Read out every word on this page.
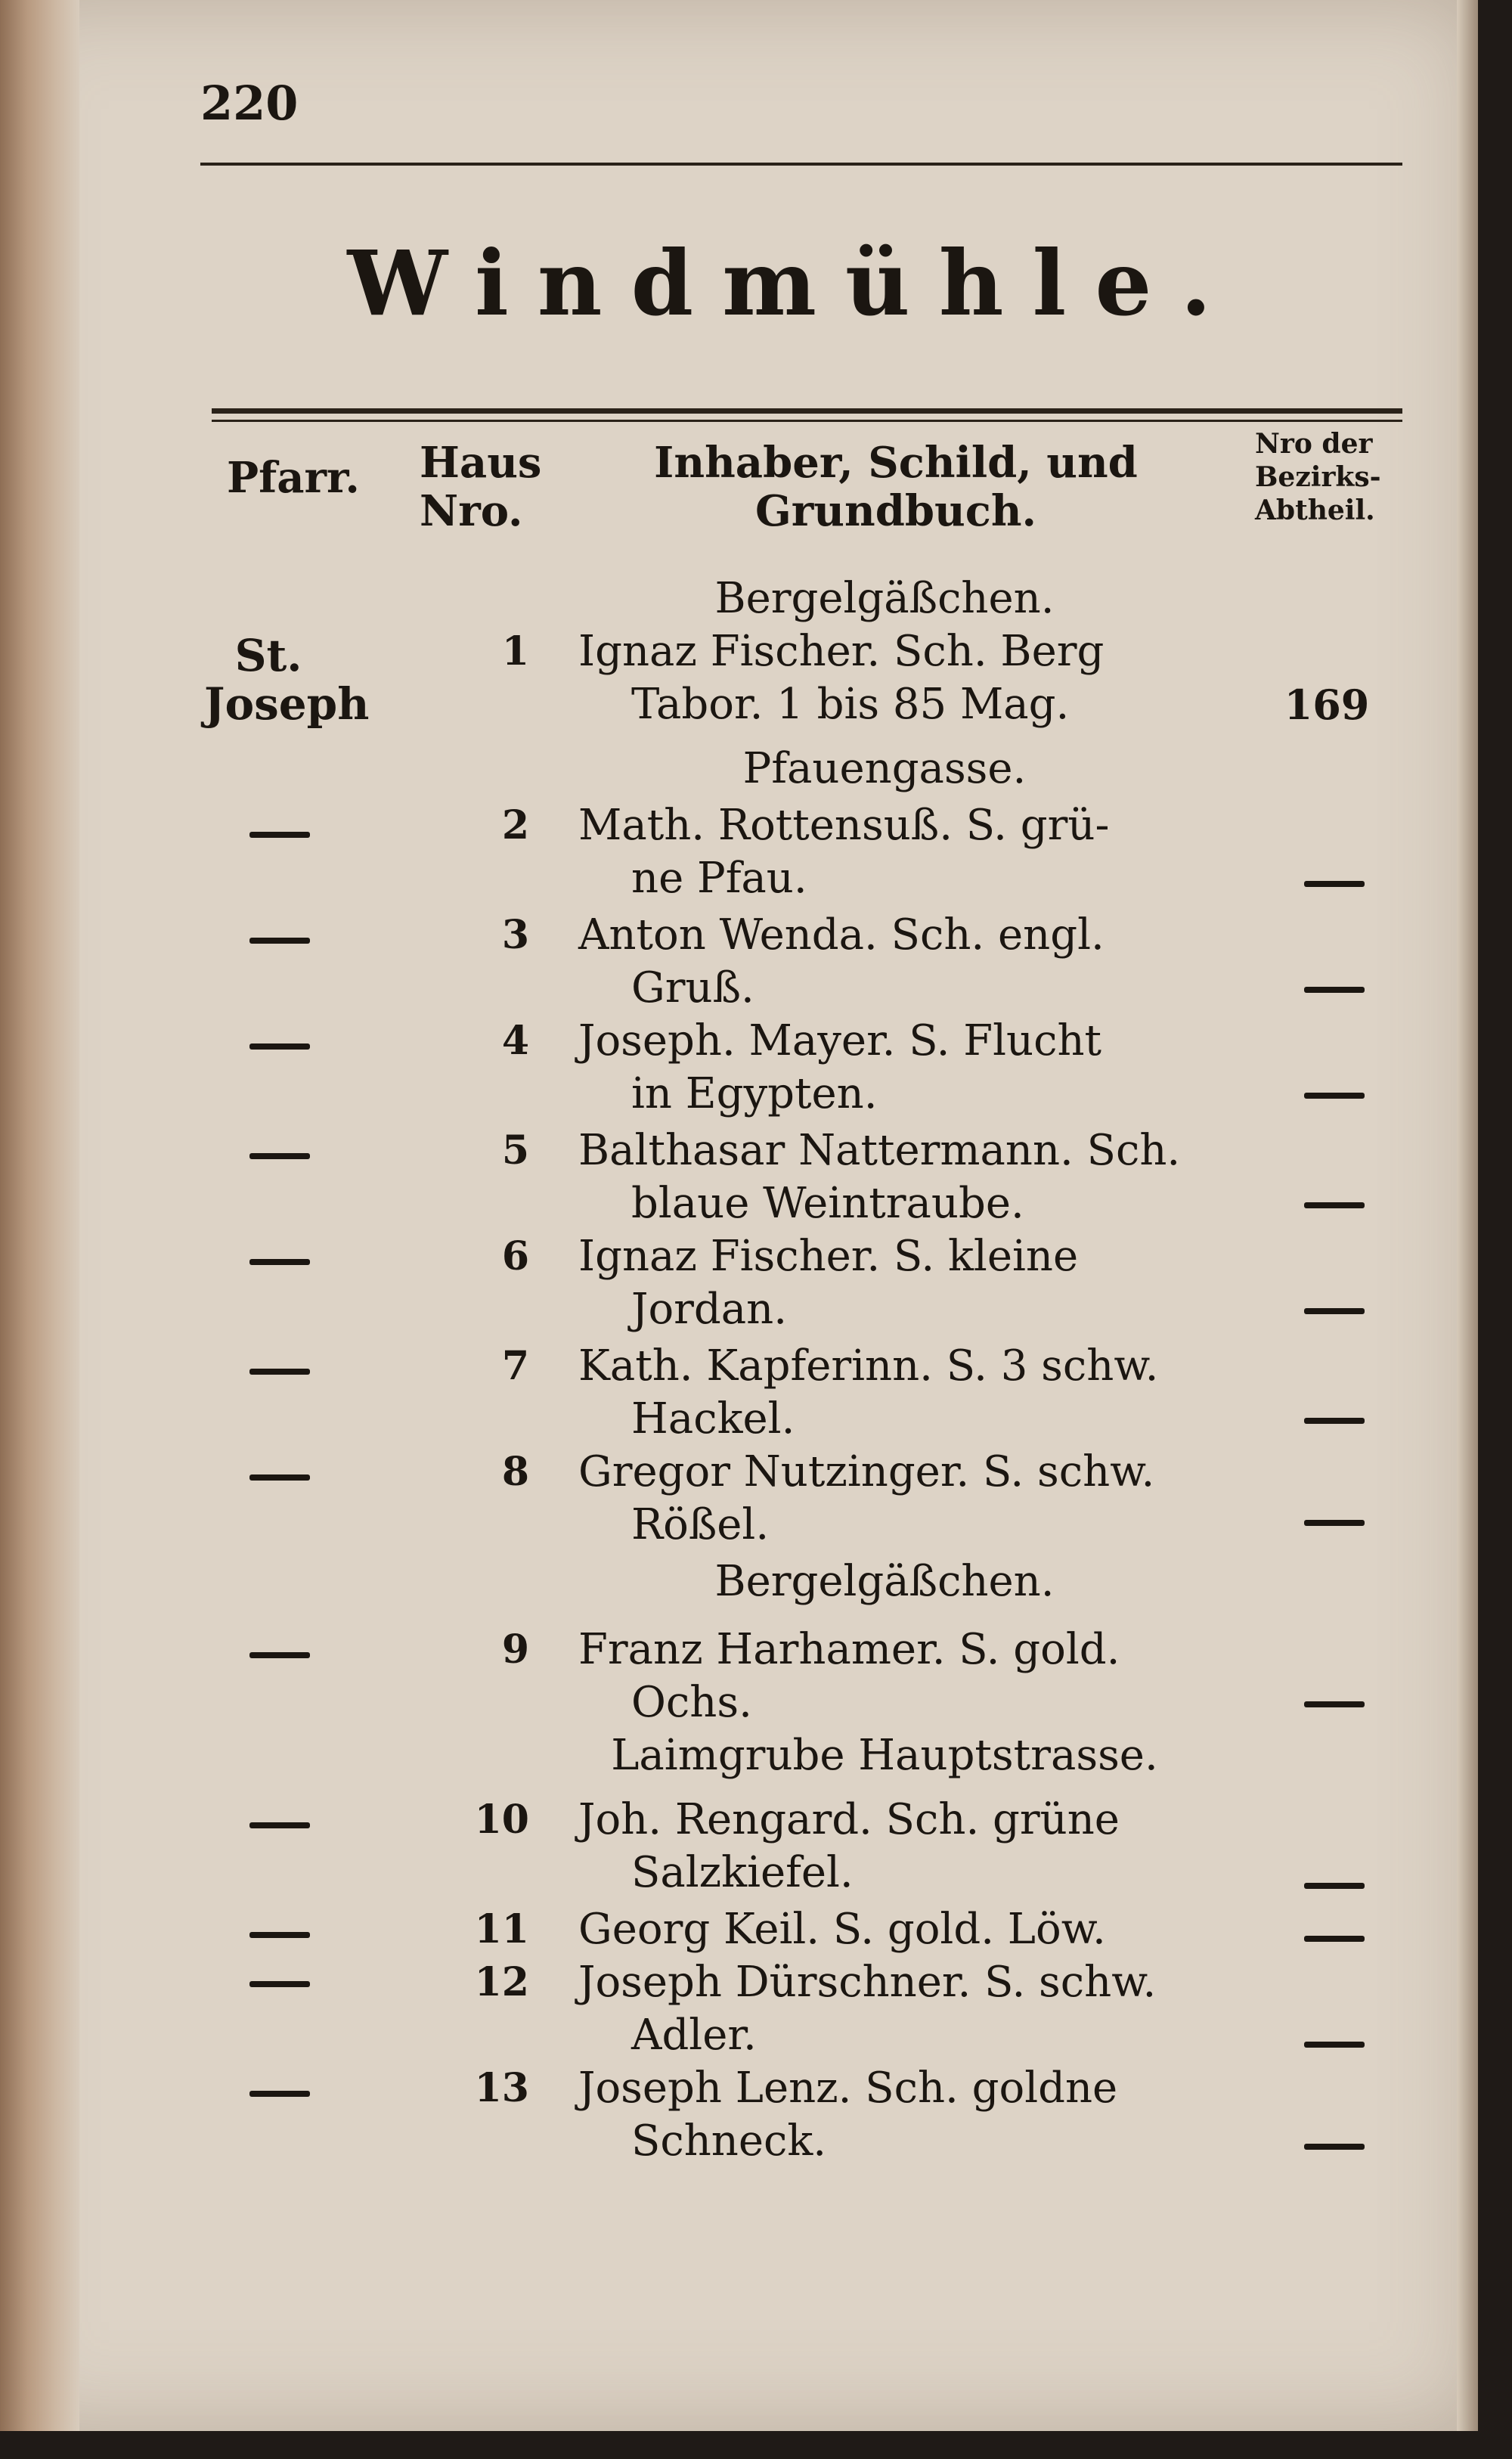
220
Windmühle.
Pfarr. Haus Nro.
Inhaber, Schild, und Grundbuch.
Nro der Bezirks-Abtheil.
St. Joseph	169
Bergelgäßchen.
Pfauengasse.
Bergelgäßchen.
Laimgrube Hauptstrasse.
1 Ignaz Fischer. Sch. Berg
Tabor. 1 bis 85 Mag.
2 Math. Rottensuß. S. grü-
ne Pfau.
3 Anton Wenda. Sch. engl.
Gruß.
4 Joseph. Mayer. S. Flucht
in Egypten.
5 Balthasar Nattermann. Sch.
blaue Weintraube.
6 Ignaz Fischer. S. kleine
Jordan.
7 Kath. Kapferinn. S. 3 schw.
Hackel.
8 Gregor Nutzinger. S. schw.
Rößel.
9 Franz Harhamer. S. gold.
Ochs.
10 Joh. Rengard. Sch. grüne
Salzkiefel.
11 Georg Keil. S. gold. Löw.
12 Joseph Dürschner. S. schw.
Adler.
13 Joseph Lenz. Sch. goldne
Schneck.
